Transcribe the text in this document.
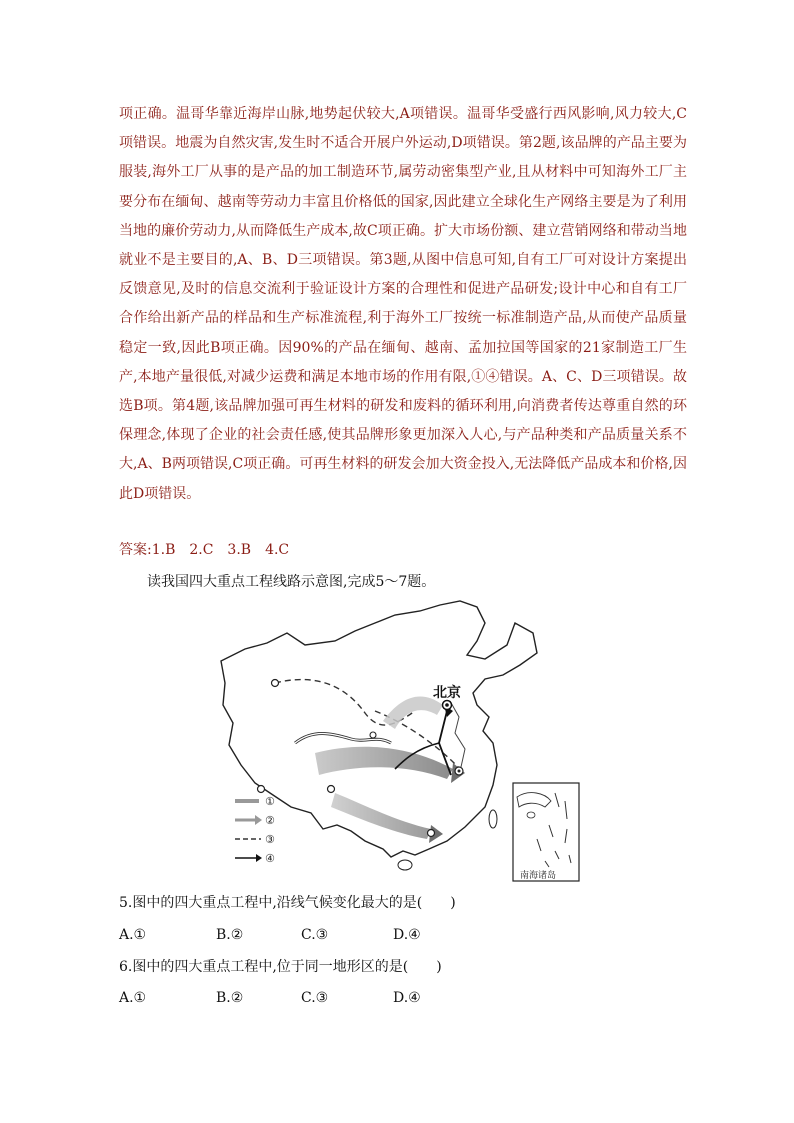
项正确。温哥华靠近海岸山脉,地势起伏较大,A项错误。温哥华受盛行西风影响,风力较大,C项错误。地震为自然灾害,发生时不适合开展户外运动,D项错误。第2题,该品牌的产品主要为服装,海外工厂从事的是产品的加工制造环节,属劳动密集型产业,且从材料中可知海外工厂主要分布在缅甸、越南等劳动力丰富且价格低的国家,因此建立全球化生产网络主要是为了利用当地的廉价劳动力,从而降低生产成本,故C项正确。扩大市场份额、建立营销网络和带动当地就业不是主要目的,A、B、D三项错误。第3题,从图中信息可知,自有工厂可对设计方案提出反馈意见,及时的信息交流利于验证设计方案的合理性和促进产品研发;设计中心和自有工厂合作给出新产品的样品和生产标准流程,利于海外工厂按统一标准制造产品,从而使产品质量稳定一致,因此B项正确。因90%的产品在缅甸、越南、孟加拉国等国家的21家制造工厂生产,本地产量很低,对减少运费和满足本地市场的作用有限,①④错误。A、C、D三项错误。故选B项。第4题,该品牌加强可再生材料的研发和废料的循环利用,向消费者传达尊重自然的环保理念,体现了企业的社会责任感,使其品牌形象更加深入人心,与产品种类和产品质量关系不大,A、B两项错误,C项正确。可再生材料的研发会加大资金投入,无法降低产品成本和价格,因此D项错误。

答案:1.B　2.C　3.B　4.C

读我国四大重点工程线路示意图,完成5～7题。

北京
①
②
③
④
南海诸岛

5.图中的四大重点工程中,沿线气候变化最大的是(　　)

A.①	B.②	C.③	D.④

6.图中的四大重点工程中,位于同一地形区的是(　　)

A.①	B.②	C.③	D.④
